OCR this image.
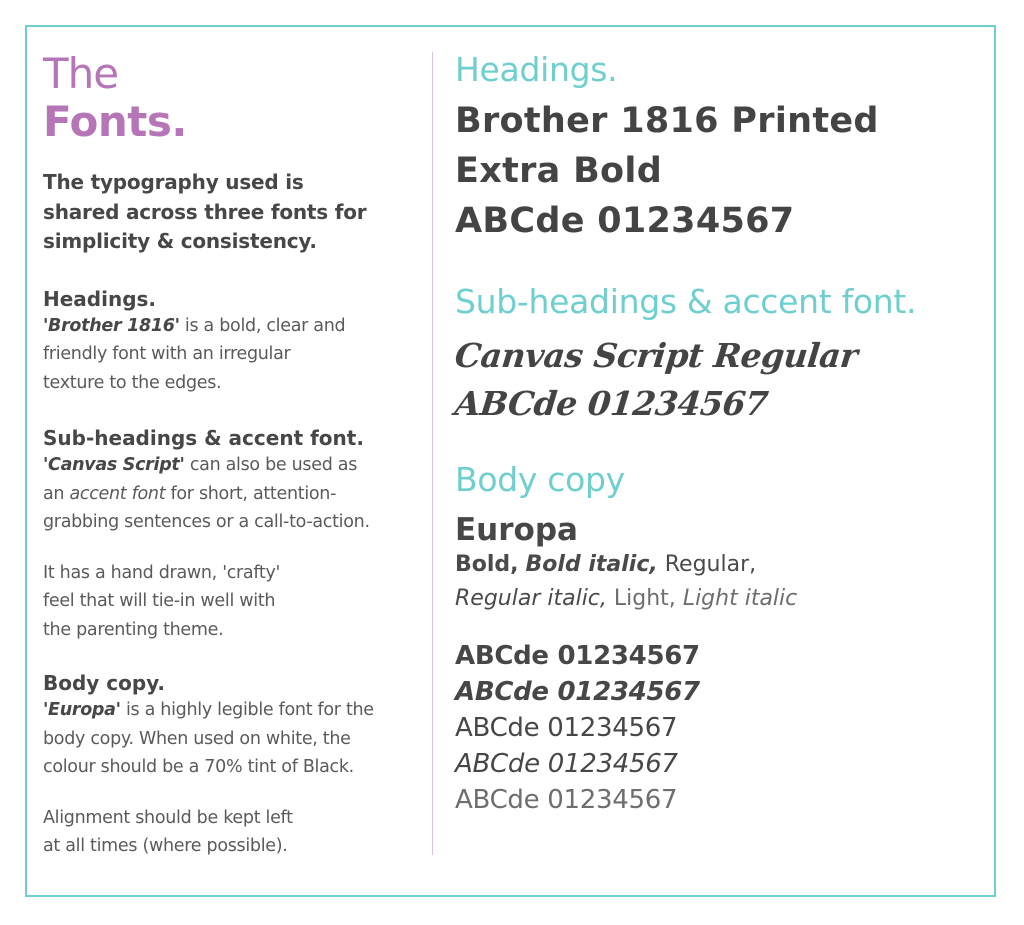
The
Fonts.
The typography used is
shared across three fonts for
simplicity & consistency.
Headings.
'Brother 1816' is a bold, clear and
friendly font with an irregular
texture to the edges.
Sub-headings & accent font.
'Canvas Script' can also be used as
an accent font for short, attention-
grabbing sentences or a call-to-action.
It has a hand drawn, 'crafty'
feel that will tie-in well with
the parenting theme.
Body copy.
'Europa' is a highly legible font for the
body copy. When used on white, the
colour should be a 70% tint of Black.
Alignment should be kept left
at all times (where possible).
Headings.
Brother 1816 Printed
Extra Bold
ABCde 01234567
Sub-headings & accent font.
Canvas Script Regular
ABCde 01234567
Body copy
Europa
Bold, Bold italic, Regular,
Regular italic, Light, Light italic
ABCde 01234567
ABCde 01234567
ABCde 01234567
ABCde 01234567
ABCde 01234567
